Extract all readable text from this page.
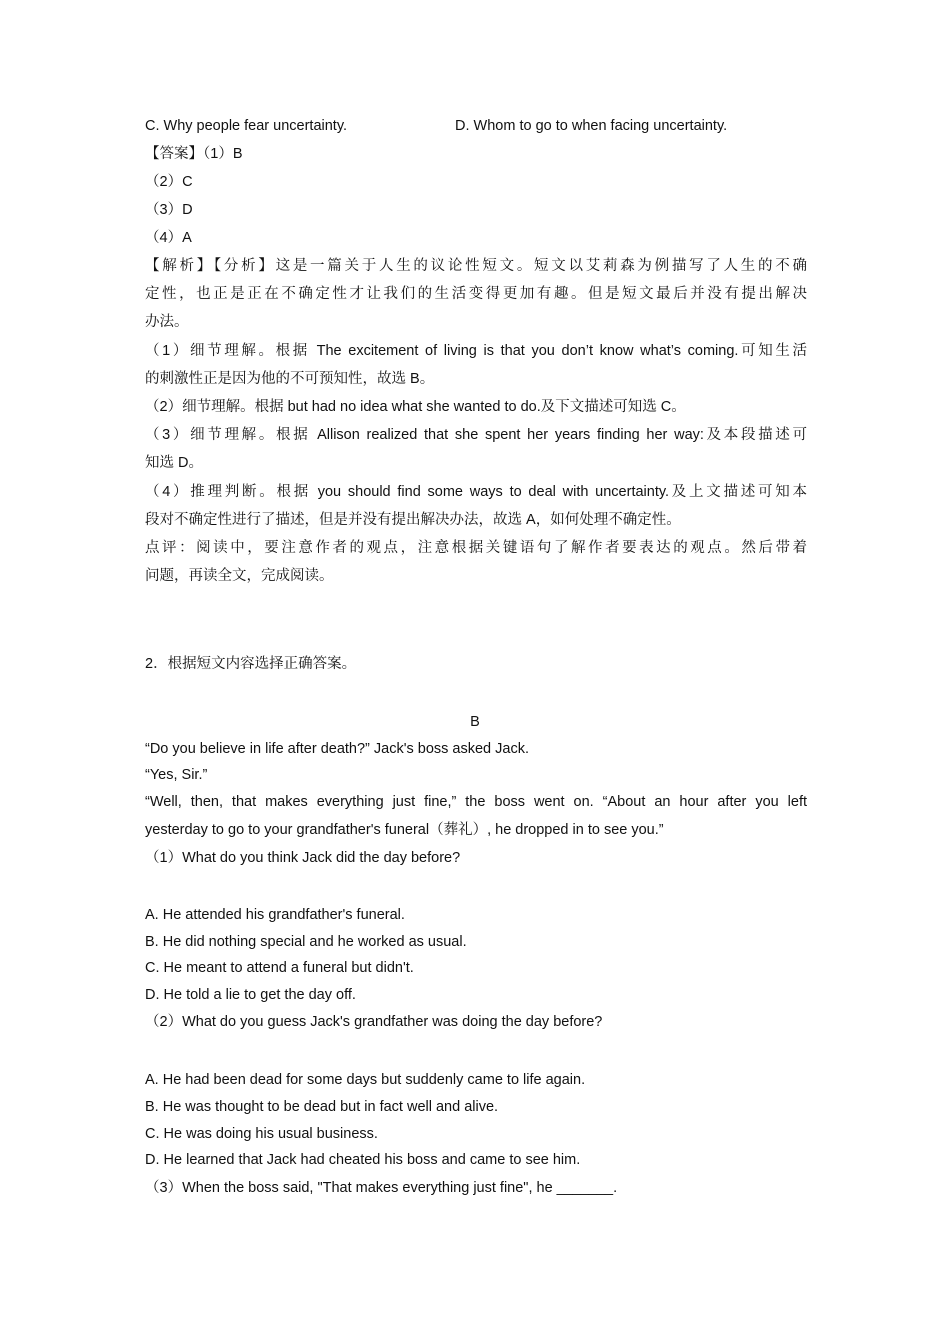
C. Why people fear uncertainty.	D. Whom to go to when facing uncertainty.
【答案】（1）B
（2）C
（3）D
（4）A
【解析】【分析】这是一篇关于人生的议论性短文。短文以艾莉森为例描写了人生的不确
定性，也正是正在不确定性才让我们的生活变得更加有趣。但是短文最后并没有提出解决
办法。
（1）细节理解。根据 The excitement of living is that you don’t know what’s coming.可知生活
的刺激性正是因为他的不可预知性，故选 B。
（2）细节理解。根据 but had no idea what she wanted to do.及下文描述可知选 C。
（3）细节理解。根据 Allison realized that she spent her years finding her way:及本段描述可
知选 D。
（4）推理判断。根据 you should find some ways to deal with uncertainty.及上文描述可知本
段对不确定性进行了描述，但是并没有提出解决办法，故选 A，如何处理不确定性。
点评：阅读中，要注意作者的观点，注意根据关键语句了解作者要表达的观点。然后带着
问题，再读全文，完成阅读。
2．根据短文内容选择正确答案。
B
“Do you believe in life after death?” Jack's boss asked Jack.
“Yes, Sir.”
“Well, then, that makes everything just fine,” the boss went on. “About an hour after you left
yesterday to go to your grandfather's funeral（葬礼）, he dropped in to see you.”
（1）What do you think Jack did the day before?
A. He attended his grandfather's funeral.
B. He did nothing special and he worked as usual.
C. He meant to attend a funeral but didn't.
D. He told a lie to get the day off.
（2）What do you guess Jack's grandfather was doing the day before?
A. He had been dead for some days but suddenly came to life again.
B. He was thought to be dead but in fact well and alive.
C. He was doing his usual business.
D. He learned that Jack had cheated his boss and came to see him.
（3）When the boss said, "That makes everything just fine", he _______.
